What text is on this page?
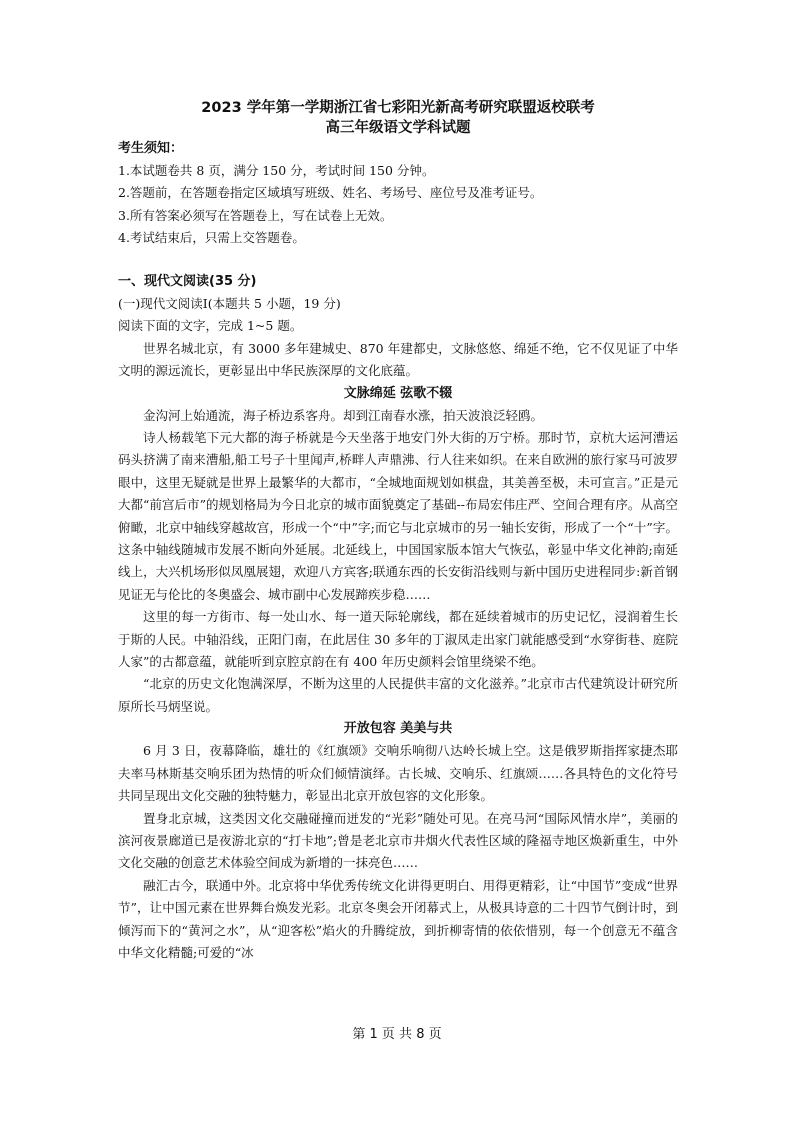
2023 学年第一学期浙江省七彩阳光新高考研究联盟返校联考

高三年级语文学科试题

考生须知：

1.本试题卷共 8 页，满分 150 分，考试时间 150 分钟。

2.答题前，在答题卷指定区域填写班级、姓名、考场号、座位号及准考证号。

3.所有答案必须写在答题卷上，写在试卷上无效。

4.考试结束后，只需上交答题卷。

一、现代文阅读(35 分)

(一)现代文阅读Ⅰ(本题共 5 小题，19 分)

阅读下面的文字，完成 1~5 题。

世界名城北京，有 3000 多年建城史、870 年建都史，文脉悠悠、绵延不绝，它不仅见证了中华文明的源远流长，更彰显出中华民族深厚的文化底蕴。

文脉绵延 弦歌不辍

金沟河上始通流，海子桥边系客舟。却到江南春水涨，拍天波浪泛轻鸥。

诗人杨载笔下元大都的海子桥就是今天坐落于地安门外大街的万宁桥。那时节，京杭大运河漕运码头挤满了南来漕船,船工号子十里闻声,桥畔人声鼎沸、行人往来如织。在来自欧洲的旅行家马可波罗眼中，这里无疑就是世界上最繁华的大都市，“全城地面规划如棋盘，其美善至极，未可宣言。”正是元大都“前宫后市”的规划格局为今日北京的城市面貌奠定了基础--布局宏伟庄严、空间合理有序。从高空俯瞰，北京中轴线穿越故宫，形成一个“中”字;而它与北京城市的另一轴长安街，形成了一个“十”字。这条中轴线随城市发展不断向外延展。北延线上，中国国家版本馆大气恢弘，彰显中华文化神韵;南延线上，大兴机场形似凤凰展翅，欢迎八方宾客;联通东西的长安街沿线则与新中国历史进程同步:新首钢见证无与伦比的冬奥盛会、城市副中心发展蹄疾步稳……

这里的每一方街市、每一处山水、每一道天际轮廓线，都在延续着城市的历史记忆，浸润着生长于斯的人民。中轴沿线，正阳门南，在此居住 30 多年的丁淑凤走出家门就能感受到“水穿街巷、庭院人家”的古都意蕴，就能听到京腔京韵在有 400 年历史颜料会馆里绕梁不绝。

“北京的历史文化饱满深厚，不断为这里的人民提供丰富的文化滋养。”北京市古代建筑设计研究所原所长马炳坚说。

开放包容 美美与共

6 月 3 日，夜幕降临，雄壮的《红旗颂》交响乐响彻八达岭长城上空。这是俄罗斯指挥家捷杰耶夫率马林斯基交响乐团为热情的听众们倾情演绎。古长城、交响乐、红旗颂……各具特色的文化符号共同呈现出文化交融的独特魅力，彰显出北京开放包容的文化形象。

置身北京城，这类因文化交融碰撞而迸发的“光彩”随处可见。在亮马河“国际风情水岸”，美丽的滨河夜景廊道已是夜游北京的“打卡地”;曾是老北京市井烟火代表性区域的隆福寺地区焕新重生，中外文化交融的创意艺术体验空间成为新增的一抹亮色……

融汇古今，联通中外。北京将中华优秀传统文化讲得更明白、用得更精彩，让“中国节”变成“世界节”，让中国元素在世界舞台焕发光彩。北京冬奥会开闭幕式上，从极具诗意的二十四节气倒计时，到倾泻而下的“黄河之水”，从“迎客松”焰火的升腾绽放，到折柳寄情的依依惜别，每一个创意无不蕴含中华文化精髓;可爱的“冰

第 1 页 共 8 页
